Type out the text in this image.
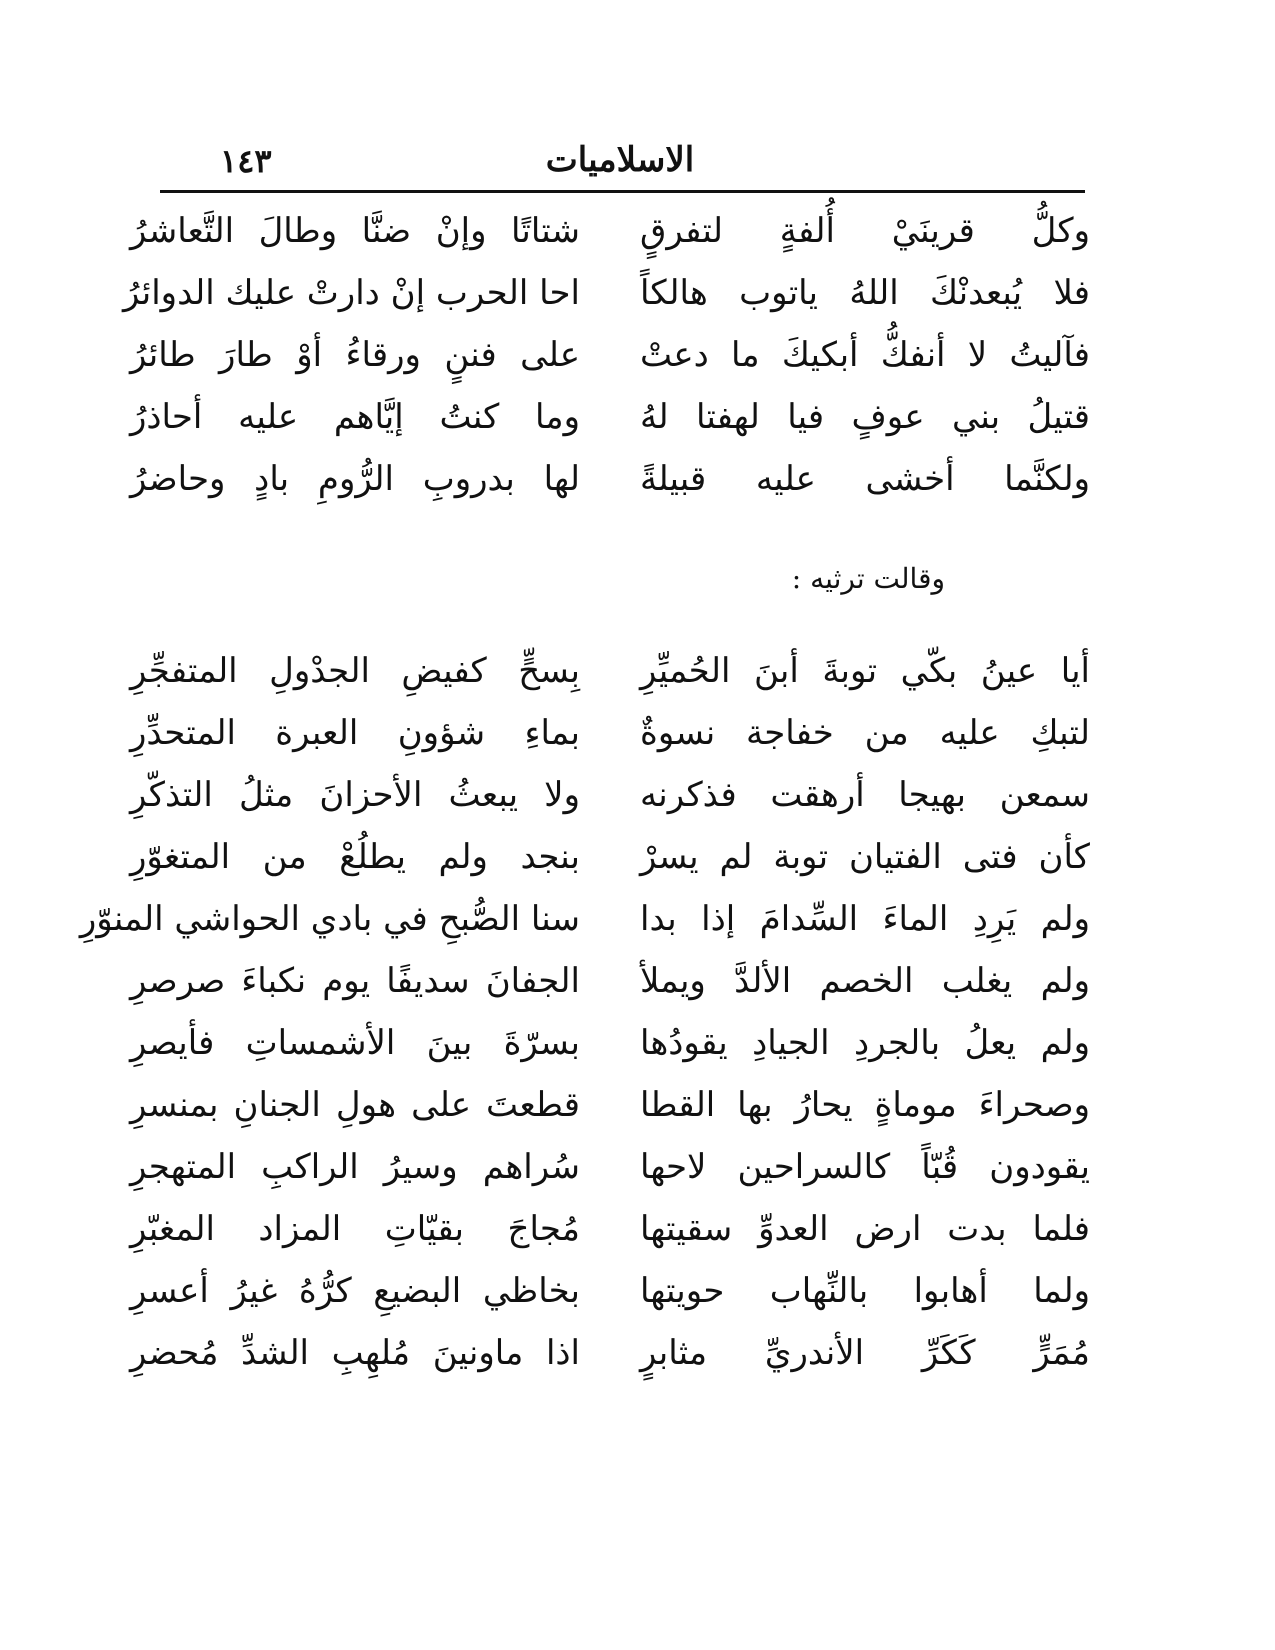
الاسلاميات
١٤٣
وكلُّ قرينَيْ أُلفةٍ لتفرقٍ
شتاتًا وإنْ ضنَّا وطالَ التَّعاشرُ
فلا يُبعدنْكَ اللهُ ياتوب هالكاً
احا الحرب إنْ دارتْ عليك الدوائرُ
فآليتُ لا أنفكُّ أبكيكَ ما دعتْ
على فننٍ ورقاءُ أوْ طارَ طائرُ
قتيلُ بني عوفٍ فيا لهفتا لهُ
وما كنتُ إيَّاهم عليه أحاذرُ
ولكنَّما أخشى عليه قبيلةً
لها بدروبِ الرُّومِ بادٍ وحاضرُ
وقالت ترثيه :
أيا عينُ بكّي توبةَ أبنَ الحُميِّرِ
بِسحٍّ كفيضِ الجدْولِ المتفجِّرِ
لتبكِ عليه من خفاجة نسوةٌ
بماءِ شؤونِ العبرة المتحدِّرِ
سمعن بهيجا أرهقت فذكرنه
ولا يبعثُ الأحزانَ مثلُ التذكّرِ
كأن فتى الفتيان توبة لم يسرْ
بنجد ولم يطلُعْ من المتغوّرِ
ولم يَرِدِ الماءَ السِّدامَ إذا بدا
سنا الصُّبحِ في بادي الحواشي المنوّرِ
ولم يغلب الخصم الألدَّ ويملأ
الجفانَ سديفًا يوم نكباءَ صرصرِ
ولم يعلُ بالجردِ الجيادِ يقودُها
بسرّةَ بينَ الأشمساتِ فأيصرِ
وصحراءَ موماةٍ يحارُ بها القطا
قطعتَ على هولِ الجنانِ بمنسرِ
يقودون قُبّاً كالسراحين لاحها
سُراهم وسيرُ الراكبِ المتهجرِ
فلما بدت ارض العدوِّ سقيتها
مُجاجَ بقيّاتِ المزاد المغبّرِ
ولما أهابوا بالنِّهاب حويتها
بخاظي البضيعِ كرُّهُ غيرُ أعسرِ
مُمَرٍّ كَكَرِّ الأندريِّ مثابرٍ
اذا ماونينَ مُلهِبِ الشدِّ مُحضرِ
